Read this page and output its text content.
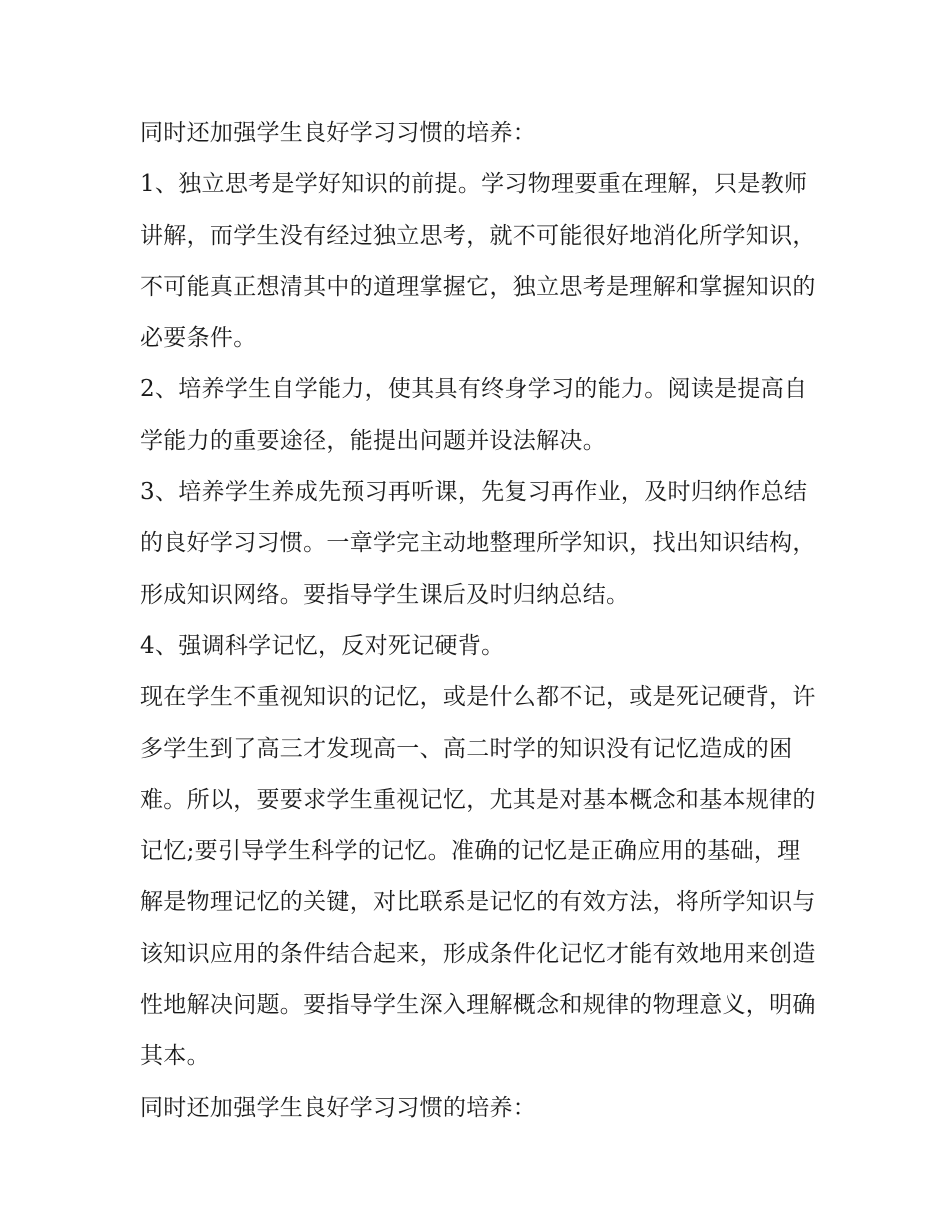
同时还加强学生良好学习习惯的培养：

1、独立思考是学好知识的前提。学习物理要重在理解，只是教师讲解，而学生没有经过独立思考，就不可能很好地消化所学知识，不可能真正想清其中的道理掌握它，独立思考是理解和掌握知识的必要条件。

2、培养学生自学能力，使其具有终身学习的能力。阅读是提高自学能力的重要途径，能提出问题并设法解决。

3、培养学生养成先预习再听课，先复习再作业，及时归纳作总结的良好学习习惯。一章学完主动地整理所学知识，找出知识结构，形成知识网络。要指导学生课后及时归纳总结。

4、强调科学记忆，反对死记硬背。

现在学生不重视知识的记忆，或是什么都不记，或是死记硬背，许多学生到了高三才发现高一、高二时学的知识没有记忆造成的困难。所以，要要求学生重视记忆，尤其是对基本概念和基本规律的记忆;要引导学生科学的记忆。准确的记忆是正确应用的基础，理解是物理记忆的关键，对比联系是记忆的有效方法，将所学知识与该知识应用的条件结合起来，形成条件化记忆才能有效地用来创造性地解决问题。要指导学生深入理解概念和规律的物理意义，明确其本。

同时还加强学生良好学习习惯的培养：
